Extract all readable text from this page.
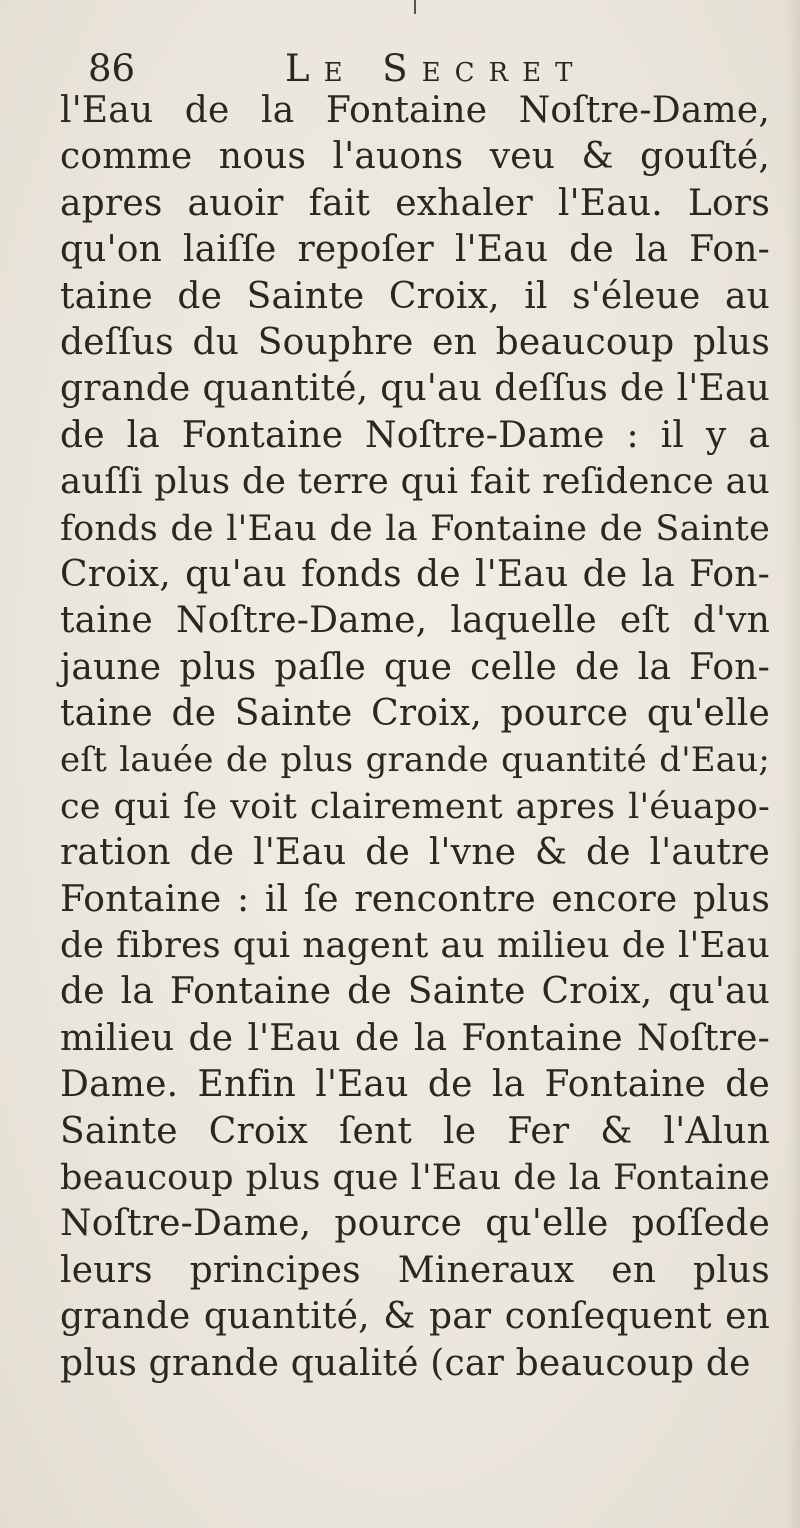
86	Le Secret
l'Eau de la Fontaine Noſtre-Dame,
comme nous l'auons veu & gouſté,
apres auoir fait exhaler l'Eau. Lors
qu'on laiſſe repoſer l'Eau de la Fon-
taine de Sainte Croix, il s'éleue au
deſſus du Souphre en beaucoup plus
grande quantité, qu'au deſſus de l'Eau
de la Fontaine Noſtre-Dame : il y a
auſſi plus de terre qui fait reſidence au
fonds de l'Eau de la Fontaine de Sainte
Croix, qu'au fonds de l'Eau de la Fon-
taine Noſtre-Dame, laquelle eſt d'vn
jaune plus paſle que celle de la Fon-
taine de Sainte Croix, pource qu'elle
eſt lauée de plus grande quantité d'Eau;
ce qui ſe voit clairement apres l'éuapo-
ration de l'Eau de l'vne & de l'autre
Fontaine : il ſe rencontre encore plus
de fibres qui nagent au milieu de l'Eau
de la Fontaine de Sainte Croix, qu'au
milieu de l'Eau de la Fontaine Noſtre-
Dame. Enfin l'Eau de la Fontaine de
Sainte Croix ſent le Fer & l'Alun
beaucoup plus que l'Eau de la Fontaine
Noſtre-Dame, pource qu'elle poſſede
leurs principes Mineraux en plus
grande quantité, & par conſequent en
plus grande qualité (car beaucoup de
